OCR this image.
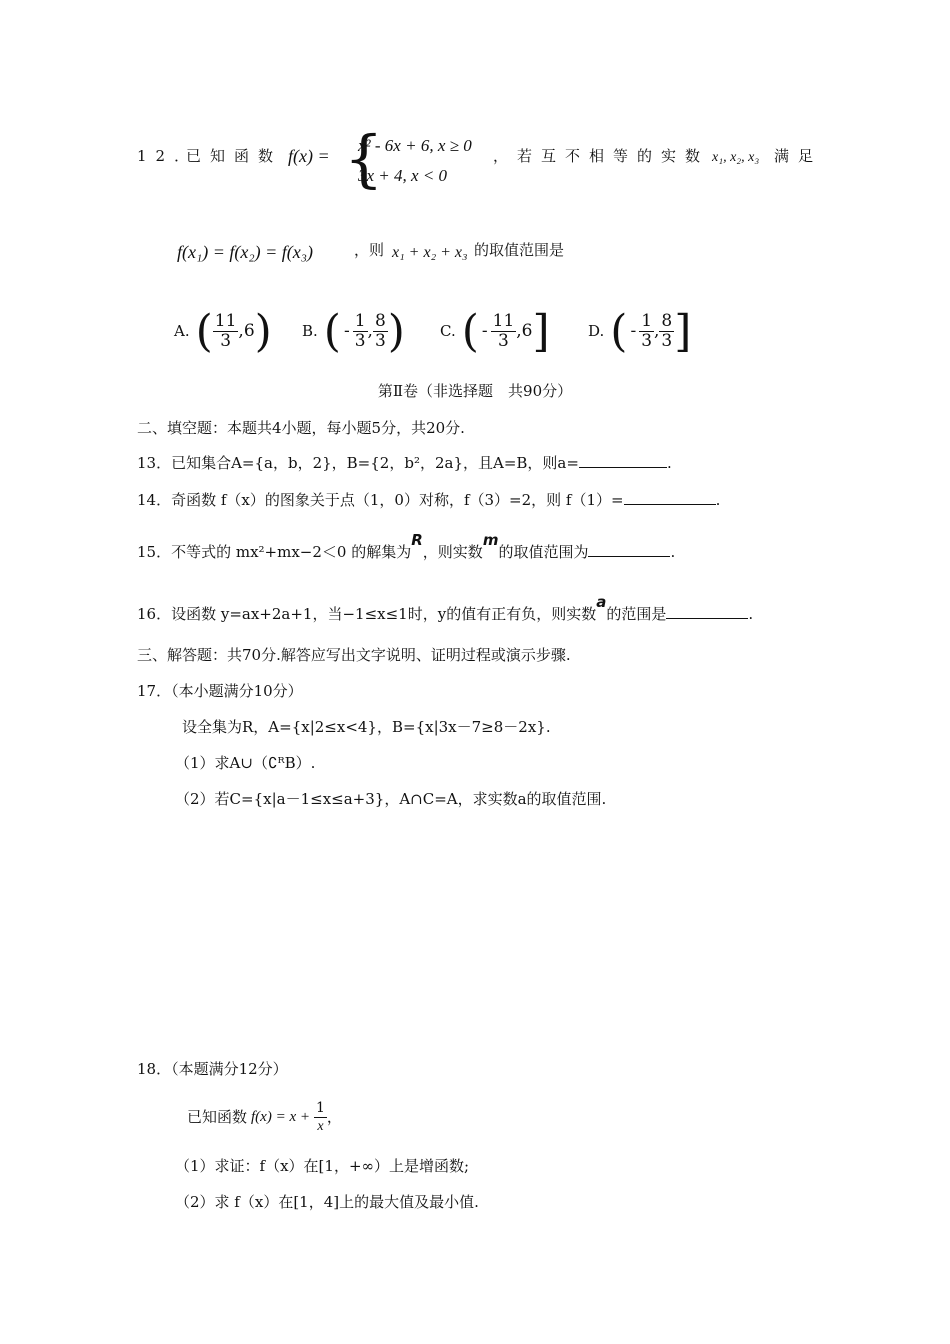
12．
已知函数 f(x) = {
x² - 6x + 6, x ≥ 0
3x + 4, x < 0
，若互不相等的实数 x₁, x₂, x₃ 满足
f(x₁) = f(x₂) = f(x₃)	，则 x₁ + x₂ + x₃ 的取值范围是
A. ( $\frac{11}{3} ,6$ ) B. ( - $\frac{1}{3}$ , $\frac{8}{3}$ ) C. ( - $\frac{11}{3} ,6$ ]	D. ( - $\frac{1}{3}$ , $\frac{8}{3}$ ]
第Ⅱ卷（非选择题　共90分）
二、填空题：本题共4小题，每小题5分，共20分.
13．已知集合A={a，b，2}，B={2，b²，2a}，且A=B，则a=	.
14．奇函数 f（x）的图象关于点（1，0）对称，f（3）=2，则 f（1）=	.
15．不等式的 mx²+mx−2＜0 的解集为R，则实数m的取值范围为	.
16．设函数 y=ax+2a+1，当−1≤x≤1时，y的值有正有负，则实数a的范围是	.
三、解答题：共70分.解答应写出文字说明、证明过程或演示步骤.
17．（本小题满分10分）
设全集为R，A={x|2≤x<4}，B={x|3x－7≥8－2x}.
（1）求A∪（∁ᴿB）.
（2）若C={x|a－1≤x≤a+3}，A∩C=A，求实数a的取值范围.
18．（本题满分12分）
已知函数 $f(x) = x + \frac{1}{x}$ ，
（1）求证：f（x）在[1，+∞）上是增函数;
（2）求 f（x）在[1，4]上的最大值及最小值.
